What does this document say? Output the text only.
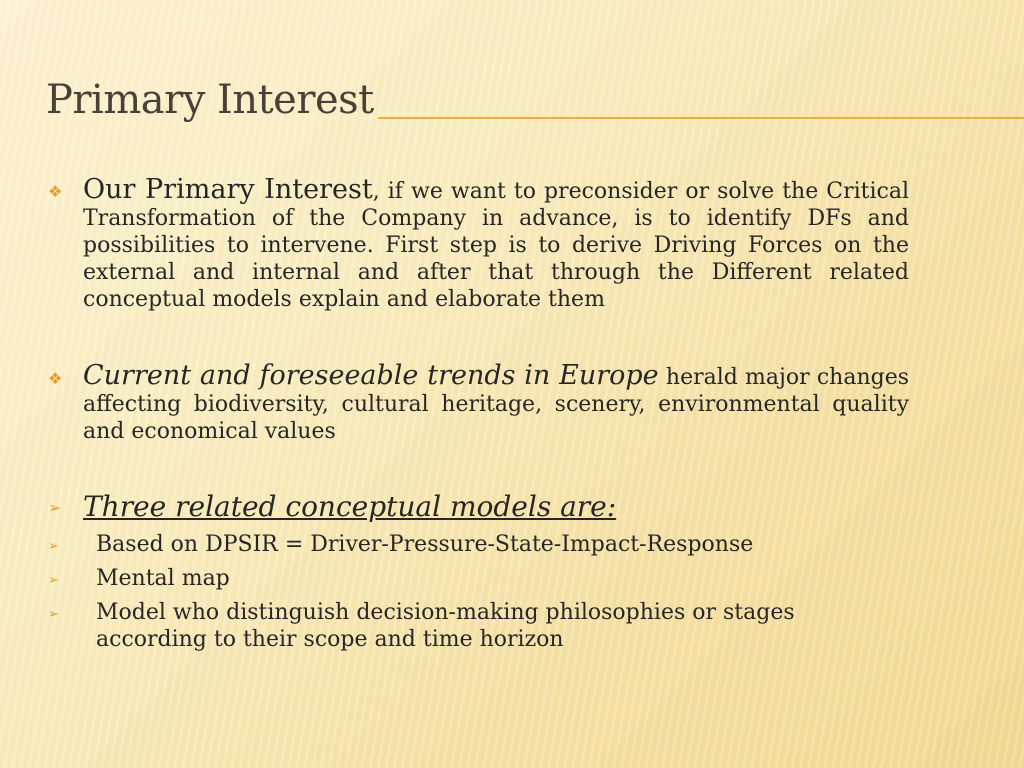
Primary Interest
❖ Our Primary Interest, if we want to preconsider or solve the Critical Transformation of the Company in advance, is to identify DFs and possibilities to intervene. First step is to derive Driving Forces on the external and internal and after that through the Different related conceptual models explain and elaborate them
❖ Current and foreseeable trends in Europe herald major changes affecting biodiversity, cultural heritage, scenery, environmental quality and economical values
➢ Three related conceptual models are:
➢ Based on DPSIR = Driver-Pressure-State-Impact-Response
➢ Mental map
➢ Model who distinguish decision-making philosophies or stages according to their scope and time horizon
